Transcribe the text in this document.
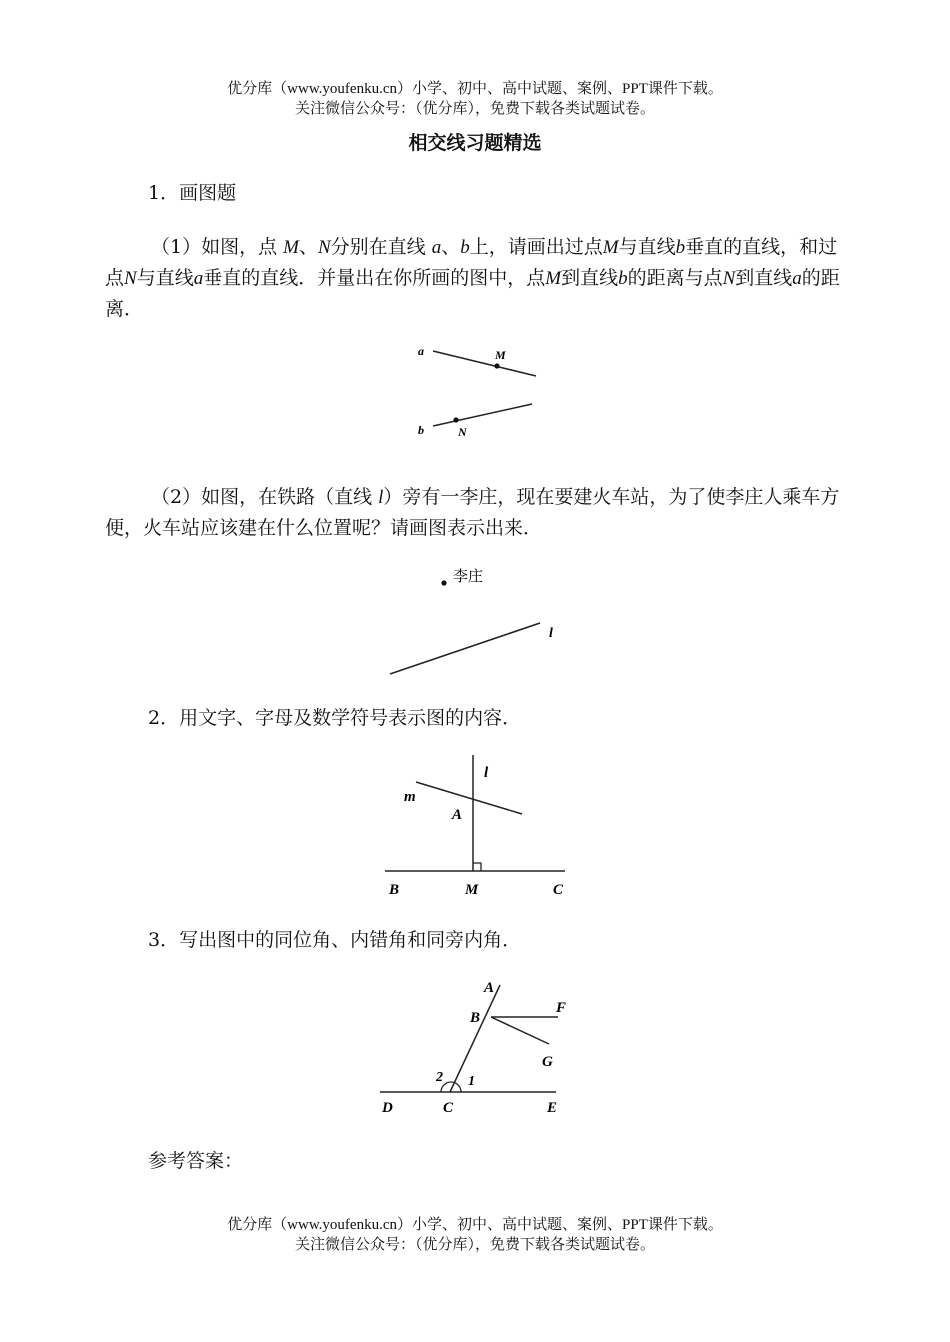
优分库（www.youfenku.cn）小学、初中、高中试题、案例、PPT课件下载。
关注微信公众号：（优分库），免费下载各类试题试卷。
相交线习题精选
1．画图题
（1）如图，点 M、N分别在直线 a、b上，请画出过点M与直线b垂直的直线，和过点N与直线a垂直的直线．并量出在你所画的图中，点M到直线b的距离与点N到直线a的距离．
a	M
b	N
（2）如图，在铁路（直线 l）旁有一李庄，现在要建火车站，为了使李庄人乘车方便，火车站应该建在什么位置呢？请画图表示出来．
李庄
l
2．用文字、字母及数学符号表示图的内容．
l
m
A
B	M	C
3．写出图中的同位角、内错角和同旁内角．
A
B
F
G
2 1
D	C	E
参考答案：
优分库（www.youfenku.cn）小学、初中、高中试题、案例、PPT课件下载。
关注微信公众号：（优分库），免费下载各类试题试卷。
